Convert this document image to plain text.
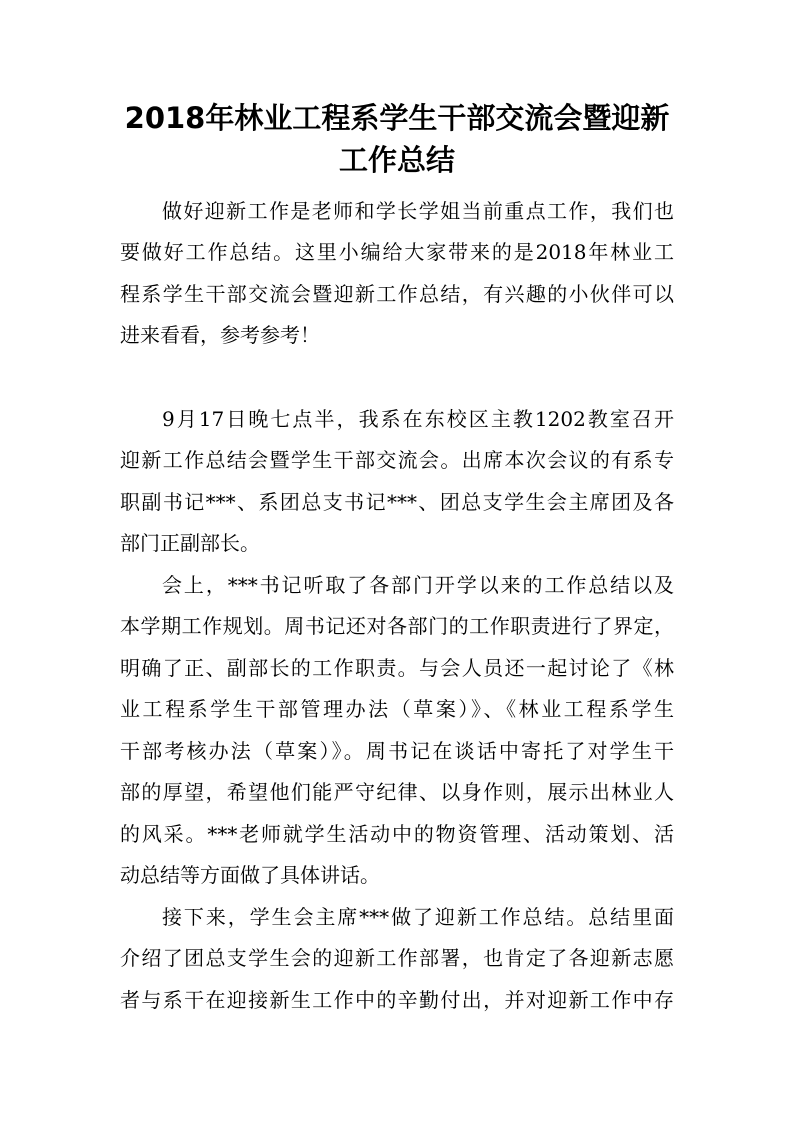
2018年林业工程系学生干部交流会暨迎新
工作总结
做好迎新工作是老师和学长学姐当前重点工作，我们也
要做好工作总结。这里小编给大家带来的是2018年林业工
程系学生干部交流会暨迎新工作总结，有兴趣的小伙伴可以
进来看看，参考参考！
9月17日晚七点半，我系在东校区主教1202教室召开
迎新工作总结会暨学生干部交流会。出席本次会议的有系专
职副书记***、系团总支书记***、团总支学生会主席团及各
部门正副部长。
会上，***书记听取了各部门开学以来的工作总结以及
本学期工作规划。周书记还对各部门的工作职责进行了界定，
明确了正、副部长的工作职责。与会人员还一起讨论了《林
业工程系学生干部管理办法（草案）》、《林业工程系学生
干部考核办法（草案）》。周书记在谈话中寄托了对学生干
部的厚望，希望他们能严守纪律、以身作则，展示出林业人
的风采。***老师就学生活动中的物资管理、活动策划、活
动总结等方面做了具体讲话。
接下来，学生会主席***做了迎新工作总结。总结里面
介绍了团总支学生会的迎新工作部署，也肯定了各迎新志愿
者与系干在迎接新生工作中的辛勤付出，并对迎新工作中存
